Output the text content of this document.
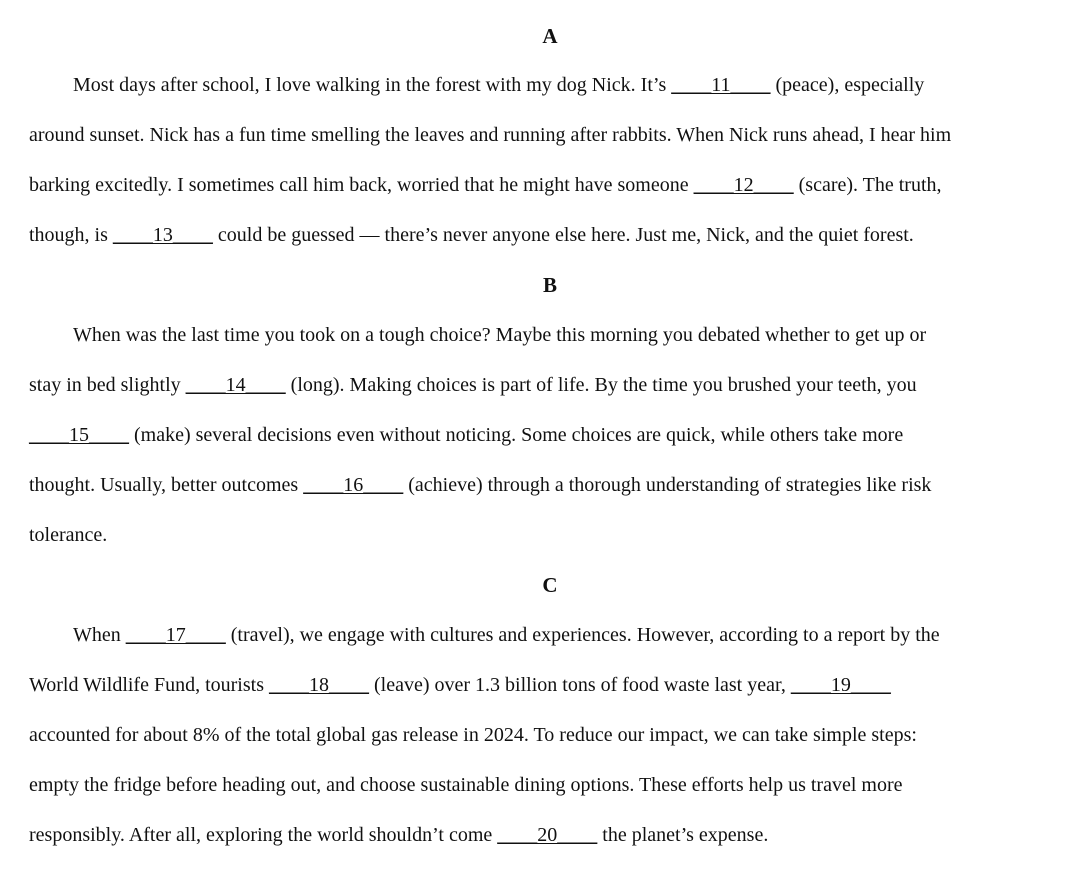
A
Most days after school, I love walking in the forest with my dog Nick. It’s ____11____ (peace), especially
around sunset. Nick has a fun time smelling the leaves and running after rabbits. When Nick runs ahead, I hear him
barking excitedly. I sometimes call him back, worried that he might have someone ____12____ (scare). The truth,
though, is ____13____ could be guessed — there’s never anyone else here. Just me, Nick, and the quiet forest.
B
When was the last time you took on a tough choice? Maybe this morning you debated whether to get up or
stay in bed slightly ____14____ (long). Making choices is part of life. By the time you brushed your teeth, you
____15____ (make) several decisions even without noticing. Some choices are quick, while others take more
thought. Usually, better outcomes ____16____ (achieve) through a thorough understanding of strategies like risk
tolerance.
C
When ____17____ (travel), we engage with cultures and experiences. However, according to a report by the
World Wildlife Fund, tourists ____18____ (leave) over 1.3 billion tons of food waste last year, ____19____
accounted for about 8% of the total global gas release in 2024. To reduce our impact, we can take simple steps:
empty the fridge before heading out, and choose sustainable dining options. These efforts help us travel more
responsibly. After all, exploring the world shouldn’t come ____20____ the planet’s expense.
